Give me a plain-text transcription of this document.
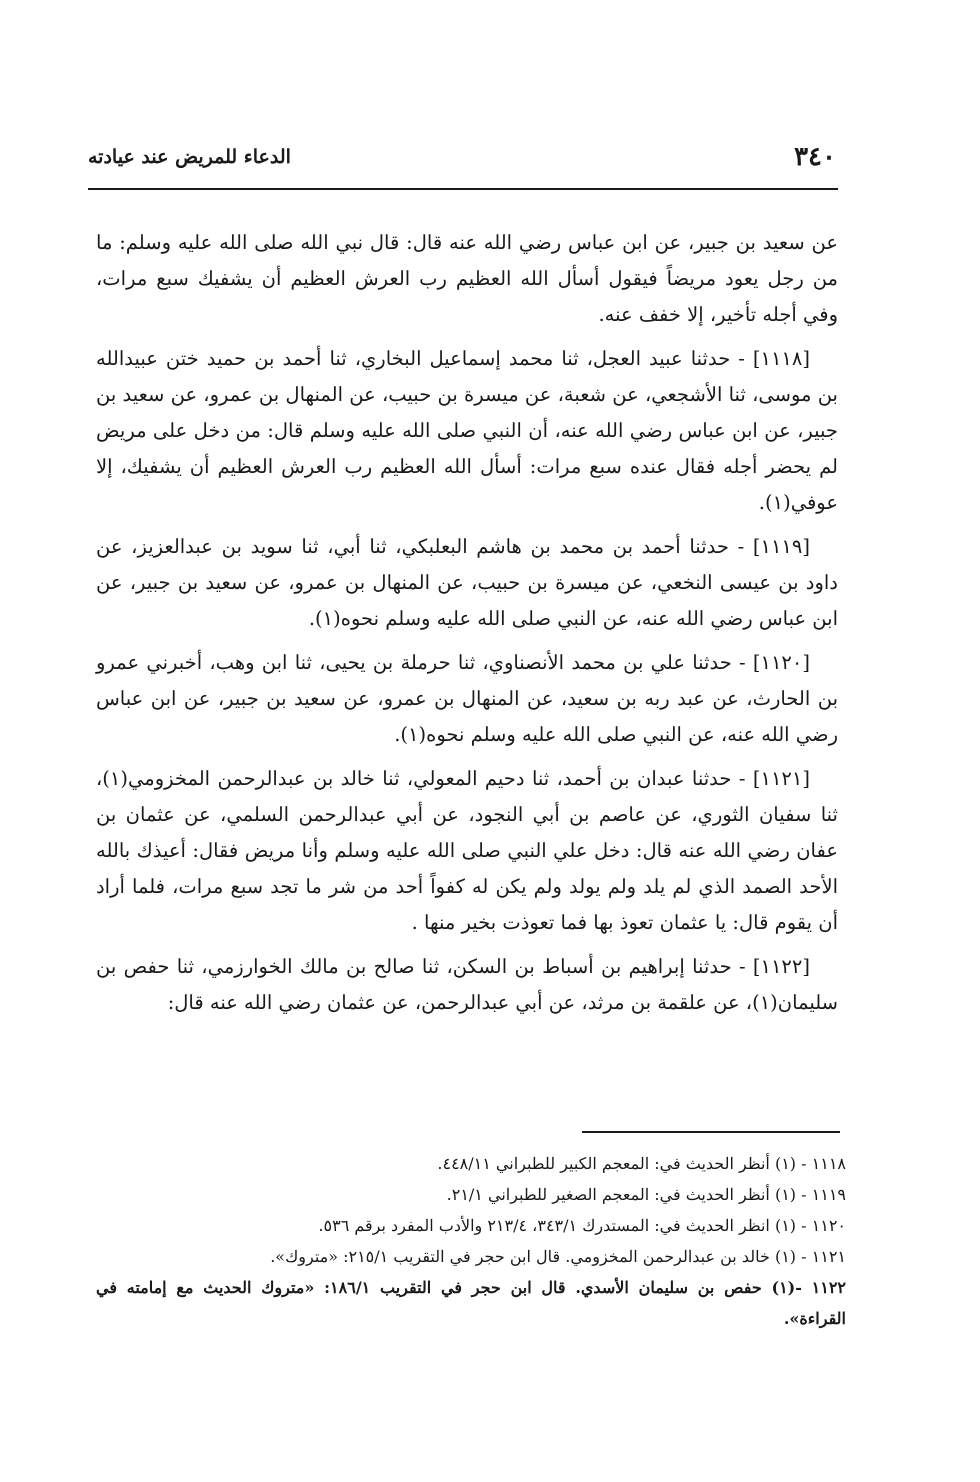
٣٤٠
الدعاء للمريض عند عيادته

عن سعيد بن جبير، عن ابن عباس رضي الله عنه قال: قال نبي الله صلى الله عليه وسلم: ما من رجل يعود مريضاً فيقول أسأل الله العظيم رب العرش العظيم أن يشفيك سبع مرات، وفي أجله تأخير، إلا خفف عنه.

[١١١٨] - حدثنا عبيد العجل، ثنا محمد إسماعيل البخاري، ثنا أحمد بن حميد ختن عبيدالله بن موسى، ثنا الأشجعي، عن شعبة، عن ميسرة بن حبيب، عن المنهال بن عمرو، عن سعيد بن جبير، عن ابن عباس رضي الله عنه، أن النبي صلى الله عليه وسلم قال: من دخل على مريض لم يحضر أجله فقال عنده سبع مرات: أسأل الله العظيم رب العرش العظيم أن يشفيك، إلا عوفي(١).

[١١١٩] - حدثنا أحمد بن محمد بن هاشم البعلبكي، ثنا أبي، ثنا سويد بن عبدالعزيز، عن داود بن عيسى النخعي، عن ميسرة بن حبيب، عن المنهال بن عمرو، عن سعيد بن جبير، عن ابن عباس رضي الله عنه، عن النبي صلى الله عليه وسلم نحوه(١).

[١١٢٠] - حدثنا علي بن محمد الأنصناوي، ثنا حرملة بن يحيى، ثنا ابن وهب، أخبرني عمرو بن الحارث، عن عبد ربه بن سعيد، عن المنهال بن عمرو، عن سعيد بن جبير، عن ابن عباس رضي الله عنه، عن النبي صلى الله عليه وسلم نحوه(١).

[١١٢١] - حدثنا عبدان بن أحمد، ثنا دحيم المعولي، ثنا خالد بن عبدالرحمن المخزومي(١)، ثنا سفيان الثوري، عن عاصم بن أبي النجود، عن أبي عبدالرحمن السلمي، عن عثمان بن عفان رضي الله عنه قال: دخل علي النبي صلى الله عليه وسلم وأنا مريض فقال: أعيذك بالله الأحد الصمد الذي لم يلد ولم يولد ولم يكن له كفواً أحد من شر ما تجد سبع مرات، فلما أراد أن يقوم قال: يا عثمان تعوذ بها فما تعوذت بخير منها .

[١١٢٢] - حدثنا إبراهيم بن أسباط بن السكن، ثنا صالح بن مالك الخوارزمي، ثنا حفص بن سليمان(١)، عن علقمة بن مرثد، عن أبي عبدالرحمن، عن عثمان رضي الله عنه قال:

١١١٨ - (١) أنظر الحديث في: المعجم الكبير للطبراني ٤٤٨/١١.

١١١٩ - (١) أنظر الحديث في: المعجم الصغير للطبراني ٢١/١.

١١٢٠ - (١) انظر الحديث في: المستدرك ٣٤٣/١، ٢١٣/٤ والأدب المفرد برقم ٥٣٦.

١١٢١ - (١) خالد بن عبدالرحمن المخزومي. قال ابن حجر في التقريب ٢١٥/١: «متروك».

١١٢٢ -(١) حفص بن سليمان الأسدي. قال ابن حجر في التقريب ١٨٦/١: «متروك الحديث مع إمامته في القراءة».
